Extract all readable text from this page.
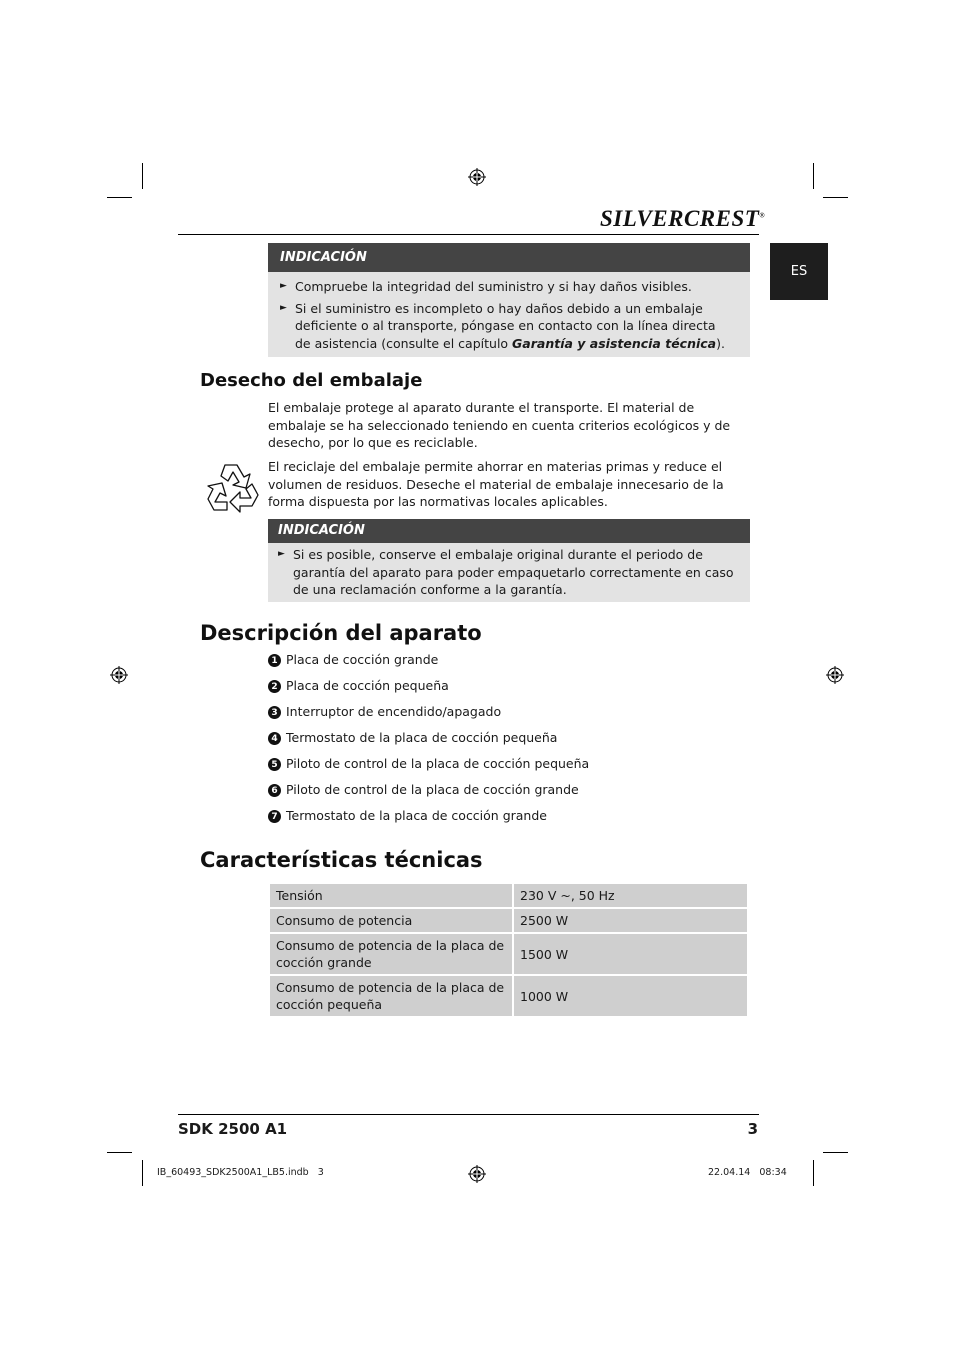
SILVERCREST®
ES
INDICACIÓN
► Compruebe la integridad del suministro y si hay daños visibles.
► Si el suministro es incompleto o hay daños debido a un embalaje deficiente o al transporte, póngase en contacto con la línea directa de asistencia (consulte el capítulo Garantía y asistencia técnica).
Desecho del embalaje
El embalaje protege al aparato durante el transporte. El material de embalaje se ha seleccionado teniendo en cuenta criterios ecológicos y de desecho, por lo que es reciclable.
El reciclaje del embalaje permite ahorrar en materias primas y reduce el volumen de residuos. Deseche el material de embalaje innecesario de la forma dispuesta por las normativas locales aplicables.
INDICACIÓN
► Si es posible, conserve el embalaje original durante el periodo de garantía del aparato para poder empaquetarlo correctamente en caso de una reclamación conforme a la garantía.
Descripción del aparato
1 Placa de cocción grande
2 Placa de cocción pequeña
3 Interruptor de encendido/apagado
4 Termostato de la placa de cocción pequeña
5 Piloto de control de la placa de cocción pequeña
6 Piloto de control de la placa de cocción grande
7 Termostato de la placa de cocción grande
Características técnicas
Tensión	230 V ~, 50 Hz
Consumo de potencia	2500 W
Consumo de potencia de la placa de cocción grande	1500 W
Consumo de potencia de la placa de cocción pequeña	1000 W
SDK 2500 A1	3
IB_60493_SDK2500A1_LB5.indb   3	22.04.14   08:34
